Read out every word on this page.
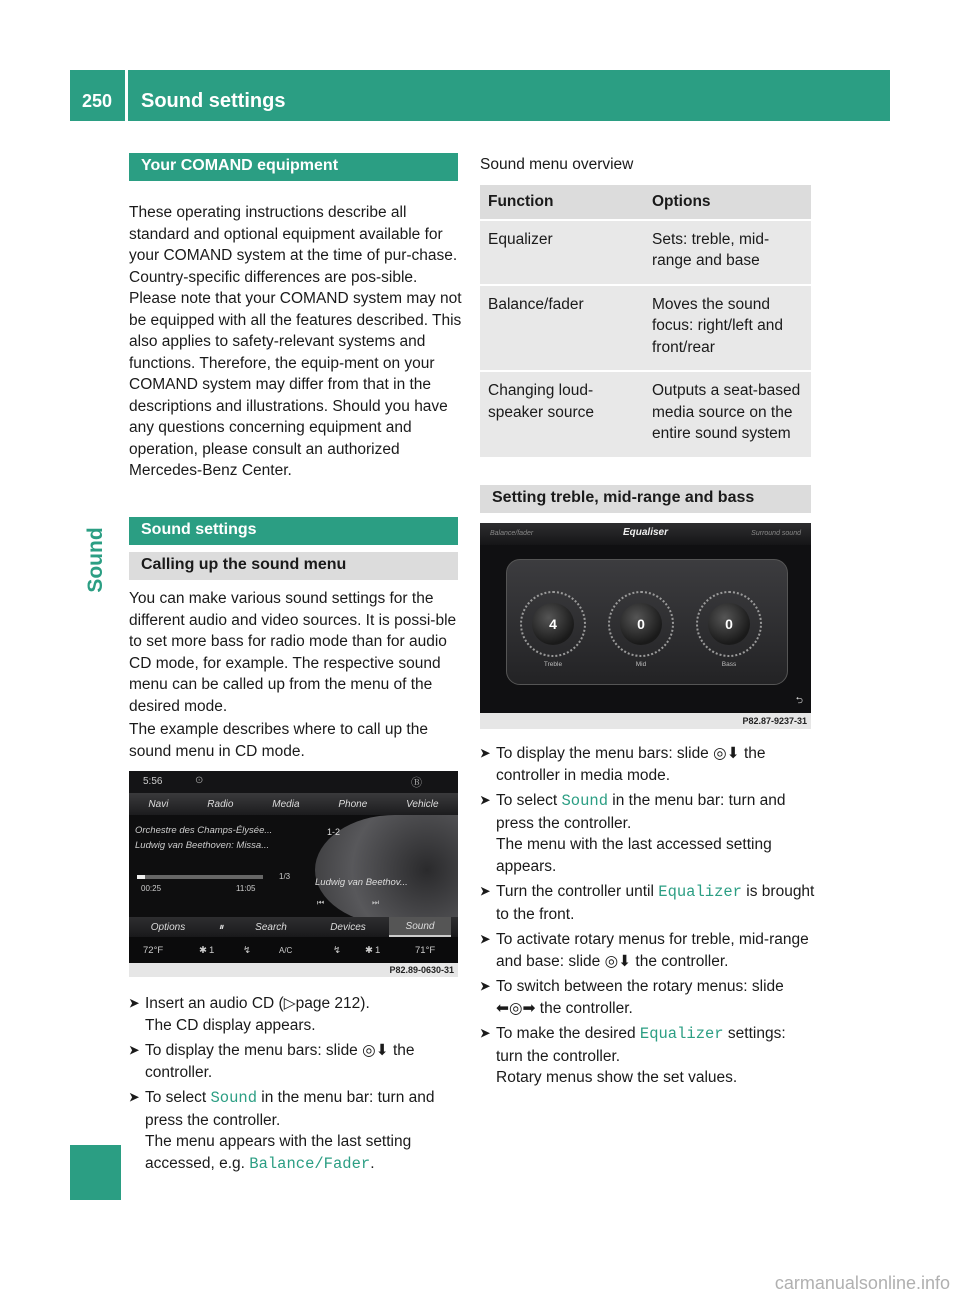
250 Sound settings
Sound
Your COMAND equipment
These operating instructions describe all standard and optional equipment available for your COMAND system at the time of pur-chase. Country-specific differences are pos-sible. Please note that your COMAND system may not be equipped with all the features described. This also applies to safety-relevant systems and functions. Therefore, the equip-ment on your COMAND system may differ from that in the descriptions and illustrations. Should you have any questions concerning equipment and operation, please consult an authorized Mercedes-Benz Center.
Sound settings
Calling up the sound menu
You can make various sound settings for the different audio and video sources. It is possi-ble to set more bass for radio mode than for audio CD mode, for example. The respective sound menu can be called up from the menu of the desired mode.
The example describes where to call up the sound menu in CD mode.
5:56	⊙	Ⓑ
Navi	Radio	Media	Phone	Vehicle
Orchestre des Champs-Élysée...
Ludwig van Beethoven: Missa...
1-2
00:25	11:05
1/3
Ludwig van Beethov...
⏮	⏭
Options	⏸	Search	Devices	Sound
72°F	✱ 1	↯	A/C	↯	✱ 1	71°F
P82.89-0630-31
➤ Insert an audio CD (▷page 212).
The CD display appears.
➤ To display the menu bars: slide ◎⬇ the controller.
➤ To select Sound in the menu bar: turn and press the controller.
The menu appears with the last setting accessed, e.g. Balance/Fader.
Sound menu overview
Function	Options
Equalizer	Sets: treble, mid-range and base
Balance/fader	Moves the sound focus: right/left and front/rear
Changing loud-speaker source	Outputs a seat-based media source on the entire sound system
Setting treble, mid-range and bass
Balance/fader	Equaliser	Surround sound
4	0	0
Treble	Mid	Bass
⮌
P82.87-9237-31
➤ To display the menu bars: slide ◎⬇ the controller in media mode.
➤ To select Sound in the menu bar: turn and press the controller.
The menu with the last accessed setting appears.
➤ Turn the controller until Equalizer is brought to the front.
➤ To activate rotary menus for treble, mid-range and base: slide ◎⬇ the controller.
➤ To switch between the rotary menus: slide ⬅◎➡ the controller.
➤ To make the desired Equalizer settings: turn the controller.
Rotary menus show the set values.
carmanualsonline.info
